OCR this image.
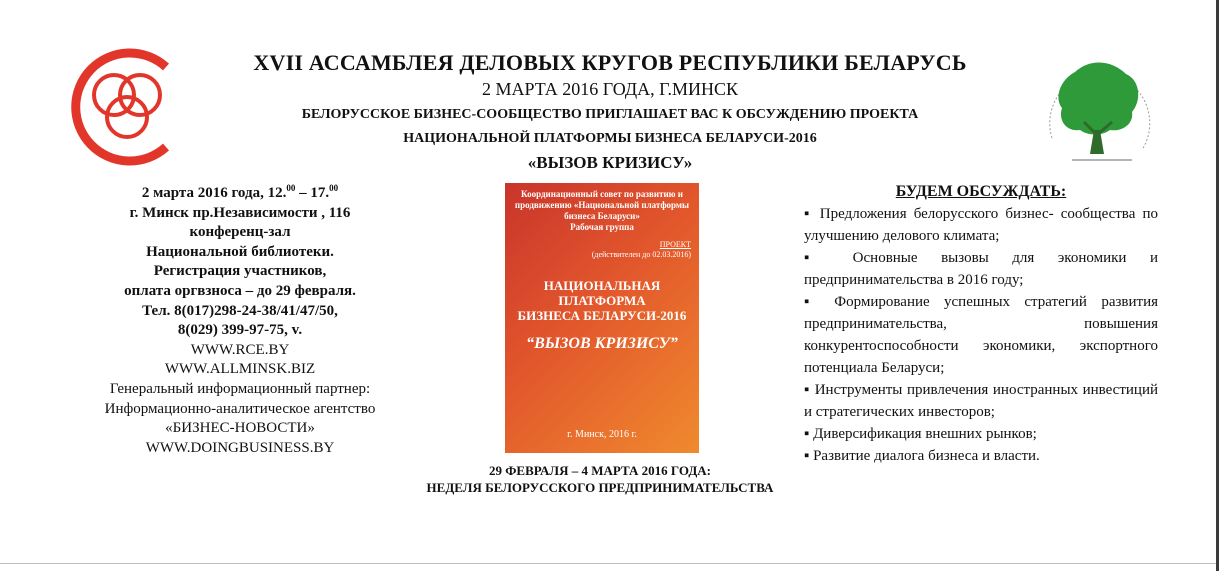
XVII АССАМБЛЕЯ ДЕЛОВЫХ КРУГОВ РЕСПУБЛИКИ БЕЛАРУСЬ
2 МАРТА 2016 ГОДА, Г.МИНСК
БЕЛОРУССКОЕ БИЗНЕС-СООБЩЕСТВО ПРИГЛАШАЕТ ВАС К ОБСУЖДЕНИЮ ПРОЕКТА
НАЦИОНАЛЬНОЙ ПЛАТФОРМЫ БИЗНЕСА БЕЛАРУСИ-2016
«ВЫЗОВ КРИЗИСУ»
2 марта 2016 года, 12.00 – 17.00
г. Минск пр.Независимости , 116
конференц-зал
Национальной библиотеки.
Регистрация участников,
оплата оргвзноса – до 29 февраля.
Тел. 8(017)298-24-38/41/47/50,
8(029) 399-97-75, v.
WWW.RCE.BY
WWW.ALLMINSK.BIZ
Генеральный информационный партнер:
Информационно-аналитическое агентство
«БИЗНЕС-НОВОСТИ»
WWW.DOINGBUSINESS.BY
Координационный совет по развитию и продвижению «Национальной платформы бизнеса Беларуси»
Рабочая группа
ПРОЕКТ
(действителен до 02.03.2016)
НАЦИОНАЛЬНАЯ
ПЛАТФОРМА
БИЗНЕСА БЕЛАРУСИ-2016
“ВЫЗОВ КРИЗИСУ”
г. Минск, 2016 г.
29 ФЕВРАЛЯ – 4 МАРТА 2016 ГОДА:
НЕДЕЛЯ БЕЛОРУССКОГО ПРЕДПРИНИМАТЕЛЬСТВА
БУДЕМ ОБСУЖДАТЬ:
▪ Предложения белорусского бизнес- сообщества по улучшению делового климата;
▪ Основные вызовы для экономики и предпринимательства в 2016 году;
▪ Формирование успешных стратегий развития предпринимательства, повышения конкурентоспособности экономики, экспортного потенциала Беларуси;
▪ Инструменты привлечения иностранных инвестиций и стратегических инвесторов;
▪ Диверсификация внешних рынков;
▪ Развитие диалога бизнеса и власти.
